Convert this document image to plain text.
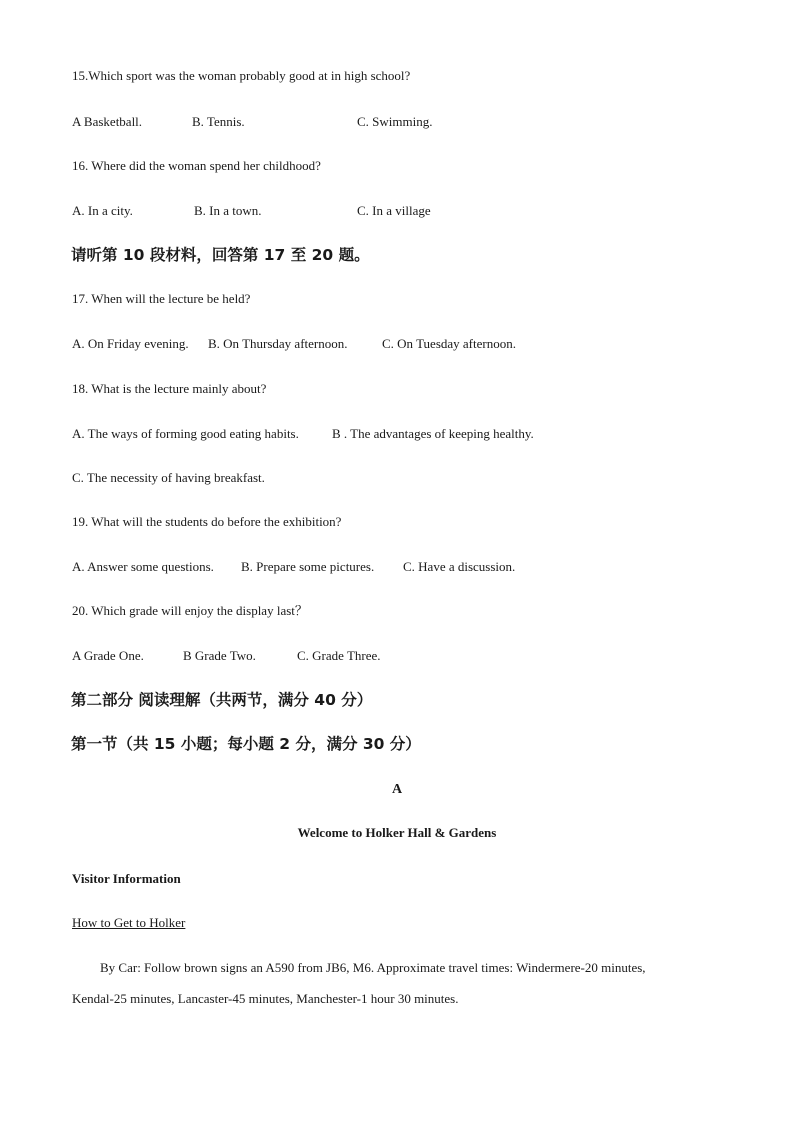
15.Which sport was the woman probably good at in high school?
A Basketball.	B. Tennis.	C. Swimming.
16. Where did the woman spend her childhood?
A. In a city.	B. In a town.	C. In a village
请听第 10 段材料，回答第 17 至 20 题。
17. When will the lecture be held?
A. On Friday evening. B. On Thursday afternoon.	C. On Tuesday afternoon.
18. What is the lecture mainly about?
A. The ways of forming good eating habits.	B . The advantages of keeping healthy.
C. The necessity of having breakfast.
19. What will the students do before the exhibition?
A. Answer some questions. B. Prepare some pictures. C. Have a discussion.
20. Which grade will enjoy the display last？
A Grade One.	B Grade Two.	C. Grade Three.
第二部分 阅读理解（共两节，满分 40 分）
第一节（共 15 小题；每小题 2 分，满分 30 分）
A
Welcome to Holker Hall & Gardens
Visitor Information
How to Get to Holker
By Car: Follow brown signs an A590 from JB6, M6. Approximate travel times: Windermere-20 minutes,
Kendal-25 minutes, Lancaster-45 minutes, Manchester-1 hour 30 minutes.
